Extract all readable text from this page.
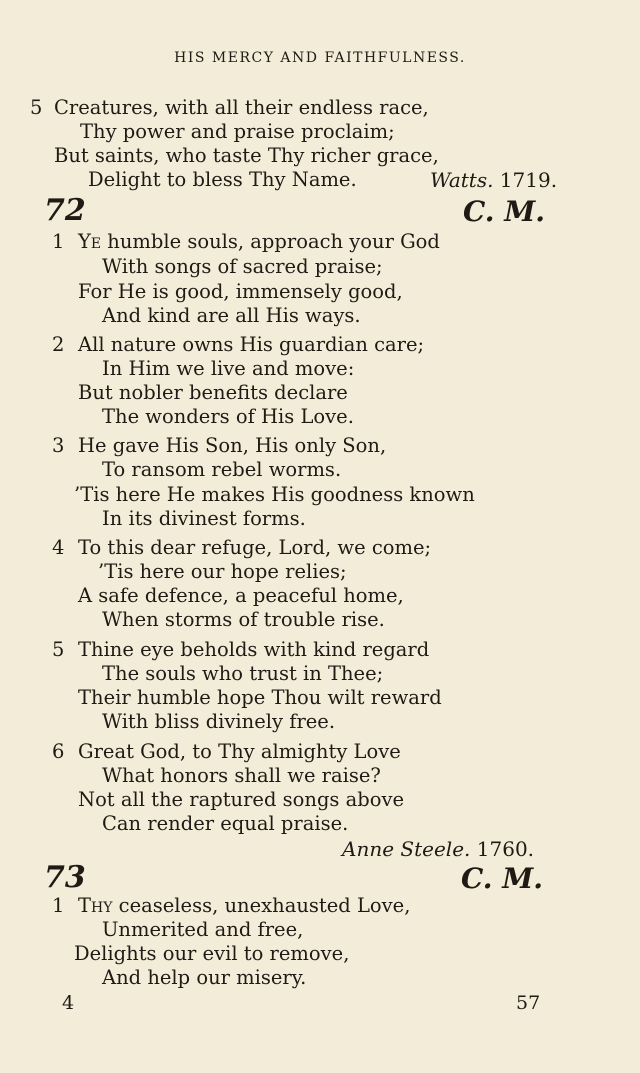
HIS MERCY AND FAITHFULNESS.
5 Creatures, with all their endless race,
Thy power and praise proclaim;
But saints, who taste Thy richer grace,
Delight to bless Thy Name.	Watts. 1719.
72	C. M.
1 Ye humble souls, approach your God
With songs of sacred praise;
For He is good, immensely good,
And kind are all His ways.
2 All nature owns His guardian care;
In Him we live and move:
But nobler benefits declare
The wonders of His Love.
3 He gave His Son, His only Son,
To ransom rebel worms.
’Tis here He makes His goodness known
In its divinest forms.
4 To this dear refuge, Lord, we come;
’Tis here our hope relies;
A safe defence, a peaceful home,
When storms of trouble rise.
5 Thine eye beholds with kind regard
The souls who trust in Thee;
Their humble hope Thou wilt reward
With bliss divinely free.
6 Great God, to Thy almighty Love
What honors shall we raise?
Not all the raptured songs above
Can render equal praise.
Anne Steele. 1760.
73	C. M.
1 Thy ceaseless, unexhausted Love,
Unmerited and free,
Delights our evil to remove,
And help our misery.
4	57
